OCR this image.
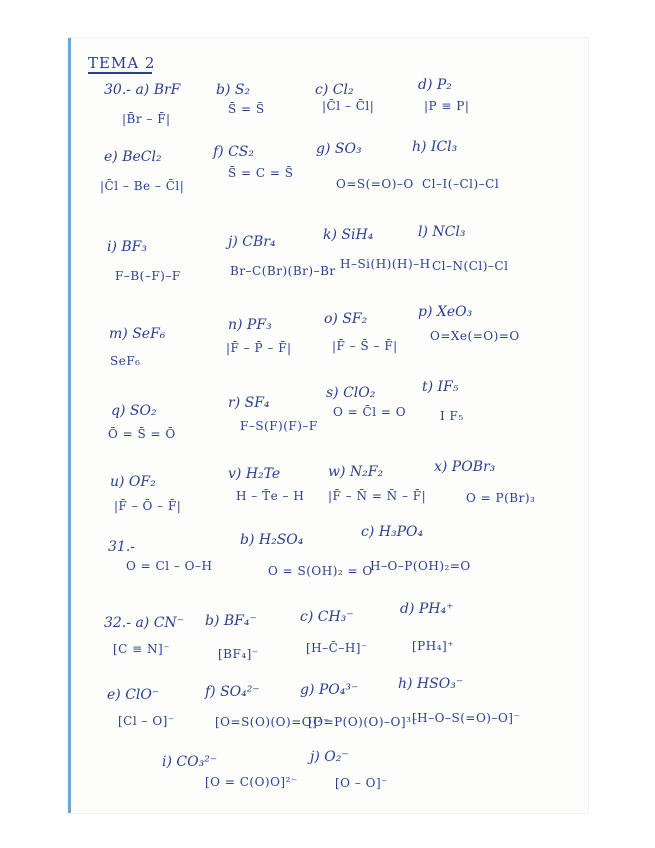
TEMA 2
30.- a) BrF
|B̄r – F̄|
b) S₂
S̄ = S̄
c) Cl₂
|C̄l – C̄l|
d) P₂
|P ≡ P|
e) BeCl₂
|C̄l – Be – C̄l|
f) CS₂
S̄ = C = S̄
g) SO₃
O=S(=O)–O
h) ICl₃
Cl–I(–Cl)–Cl
i) BF₃
F–B(–F)–F
j) CBr₄
Br–C(Br)(Br)–Br
k) SiH₄
H–Si(H)(H)–H
l) NCl₃
Cl–N(Cl)–Cl
m) SeF₆
SeF₆
n) PF₃
|F̄ – P̄ – F̄|
o) SF₂
|F̄ – S̄ – F̄|
p) XeO₃
O=Xe(=O)=O
q) SO₂
Ō = S̄ = Ō
r) SF₄
F–S(F)(F)–F
s) ClO₂
O = C̄l = O
t) IF₅
I F₅
u) OF₂
|F̄ – Ō – F̄|
v) H₂Te
H – T̄e – H
w) N₂F₂
|F̄ – N̄ = N̄ – F̄|
x) POBr₃
O = P(Br)₃
31.-
O = Cl – O–H
b) H₂SO₄
O = S(OH)₂ = O
c) H₃PO₄
H–O–P(OH)₂=O
32.- a) CN⁻
[C ≡ N]⁻
b) BF₄⁻
[BF₄]⁻
c) CH₃⁻
[H–C̄–H]⁻
d) PH₄⁺
[PH₄]⁺
e) ClO⁻
[Cl – O]⁻
f) SO₄²⁻
[O=S(O)(O)=O]²⁻
g) PO₄³⁻
[O=P(O)(O)–O]³⁻
h) HSO₃⁻
[H–O–S(=O)–O]⁻
i) CO₃²⁻
[O = C(O)O]²⁻
j) O₂⁻
[O – O]⁻
